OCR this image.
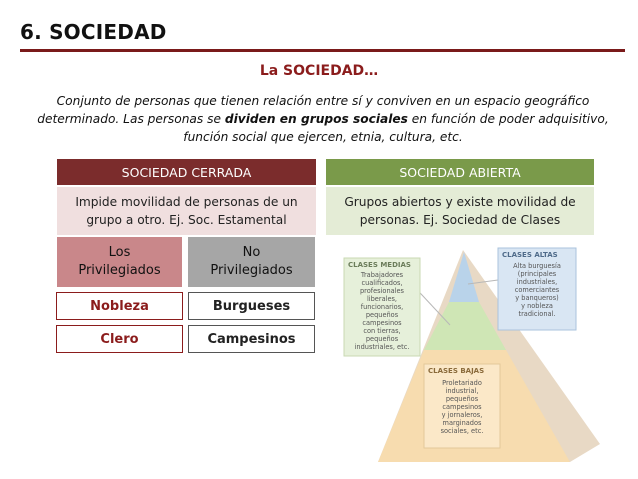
6. SOCIEDAD
La SOCIEDAD…
Conjunto de personas que tienen relación entre sí y conviven en un espacio geográfico determinado. Las personas se dividen en grupos sociales en función de poder adquisitivo, función social que ejercen, etnia, cultura, etc.
SOCIEDAD CERRADA	SOCIEDAD ABIERTA
Impide movilidad de personas de un grupo a otro. Ej. Soc. Estamental
Grupos abiertos y existe movilidad de personas. Ej. Sociedad de Clases
Los Privilegiados
No Privilegiados
Nobleza
Clero
Burgueses
Campesinos
CLASES MEDIAS
Trabajadores
cualificados,
profesionales
liberales,
funcionarios,
pequeños
campesinos
con tierras,
pequeños
industriales, etc.
CLASES ALTAS
Alta burguesía
(principales
industriales,
comerciantes
y banqueros)
y nobleza
tradicional.
CLASES BAJAS
Proletariado
industrial,
pequeños
campesinos
y jornaleros,
marginados
sociales, etc.
